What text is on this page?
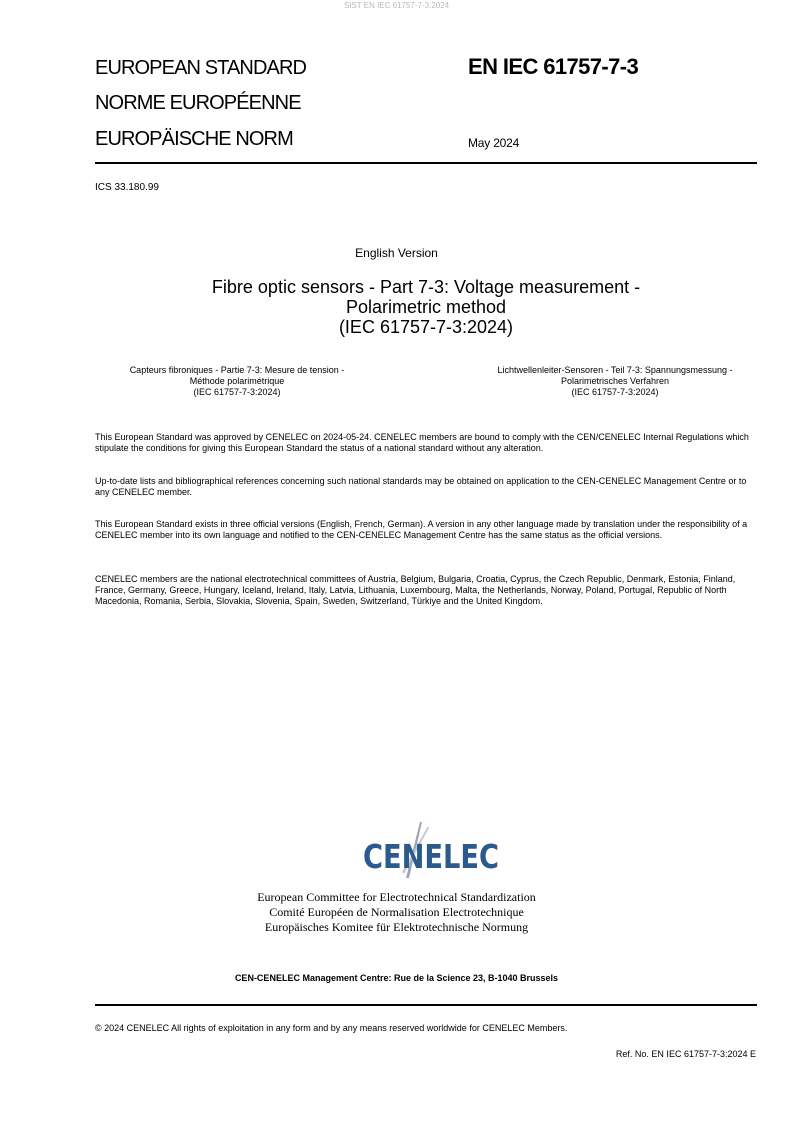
SIST EN IEC 61757-7-3:2024
EUROPEAN STANDARD
NORME EUROPÉENNE
EUROPÄISCHE NORM
EN IEC 61757-7-3
May 2024
ICS 33.180.99
English Version
Fibre optic sensors - Part 7-3: Voltage measurement -
Polarimetric method
(IEC 61757-7-3:2024)
Capteurs fibroniques - Partie 7-3: Mesure de tension -
Méthode polarimétrique
(IEC 61757-7-3:2024)
Lichtwellenleiter-Sensoren - Teil 7-3: Spannungsmessung -
Polarimetrisches Verfahren
(IEC 61757-7-3:2024)
This European Standard was approved by CENELEC on 2024-05-24. CENELEC members are bound to comply with the CEN/CENELEC Internal Regulations which stipulate the conditions for giving this European Standard the status of a national standard without any alteration.
Up-to-date lists and bibliographical references concerning such national standards may be obtained on application to the CEN-CENELEC Management Centre or to any CENELEC member.
This European Standard exists in three official versions (English, French, German). A version in any other language made by translation under the responsibility of a CENELEC member into its own language and notified to the CEN-CENELEC Management Centre has the same status as the official versions.
CENELEC members are the national electrotechnical committees of Austria, Belgium, Bulgaria, Croatia, Cyprus, the Czech Republic, Denmark, Estonia, Finland, France, Germany, Greece, Hungary, Iceland, Ireland, Italy, Latvia, Lithuania, Luxembourg, Malta, the Netherlands, Norway, Poland, Portugal, Republic of North Macedonia, Romania, Serbia, Slovakia, Slovenia, Spain, Sweden, Switzerland, Türkiye and the United Kingdom.
CENELEC
European Committee for Electrotechnical Standardization
Comité Européen de Normalisation Electrotechnique
Europäisches Komitee für Elektrotechnische Normung
CEN-CENELEC Management Centre: Rue de la Science 23, B-1040 Brussels
© 2024 CENELEC All rights of exploitation in any form and by any means reserved worldwide for CENELEC Members.
Ref. No. EN IEC 61757-7-3:2024 E
